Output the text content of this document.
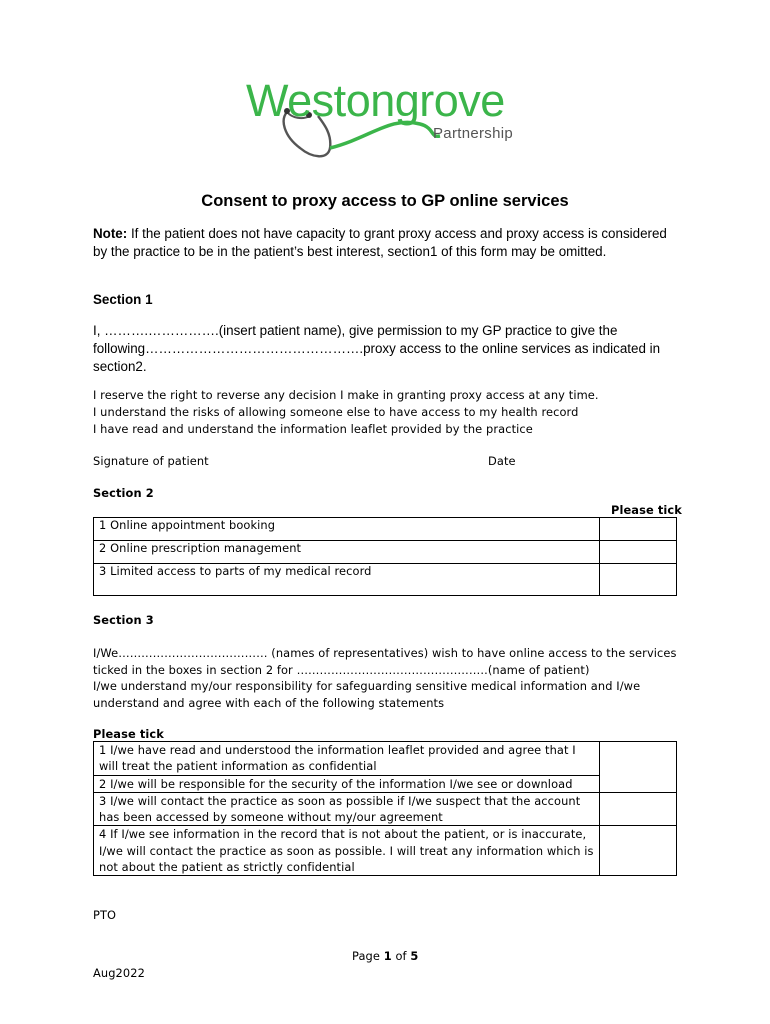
Westongrove
Partnership
Consent to proxy access to GP online services
Note: If the patient does not have capacity to grant proxy access and proxy access is considered by the practice to be in the patient’s best interest, section1 of this form may be omitted.
Section 1
I, ……….…………….(insert patient name), give permission to my GP practice to give the following………………………………………….proxy access to the online services as indicated in section2.
I reserve the right to reverse any decision I make in granting proxy access at any time.
I understand the risks of allowing someone else to have access to my health record
I have read and understand the information leaflet provided by the practice
Signature of patient	Date
Section 2
Please tick
1 Online appointment booking	
2 Online prescription management	
3 Limited access to parts of my medical record	
Section 3
I/We………………………………… (names of representatives) wish to have online access to the services ticked in the boxes in section 2 for …………………………………………..(name of patient)
I/we understand my/our responsibility for safeguarding sensitive medical information and I/we understand and agree with each of the following statements
Please tick
1 I/we have read and understood the information leaflet provided and agree that I will treat the patient information as confidential	
2 I/we will be responsible for the security of the information I/we see or download	
3 I/we will contact the practice as soon as possible if I/we suspect that the account has been accessed by someone without my/our agreement	
4 If I/we see information in the record that is not about the patient, or is inaccurate, I/we will contact the practice as soon as possible. I will treat any information which is not about the patient as strictly confidential	
PTO
Page 1 of 5
Aug2022
